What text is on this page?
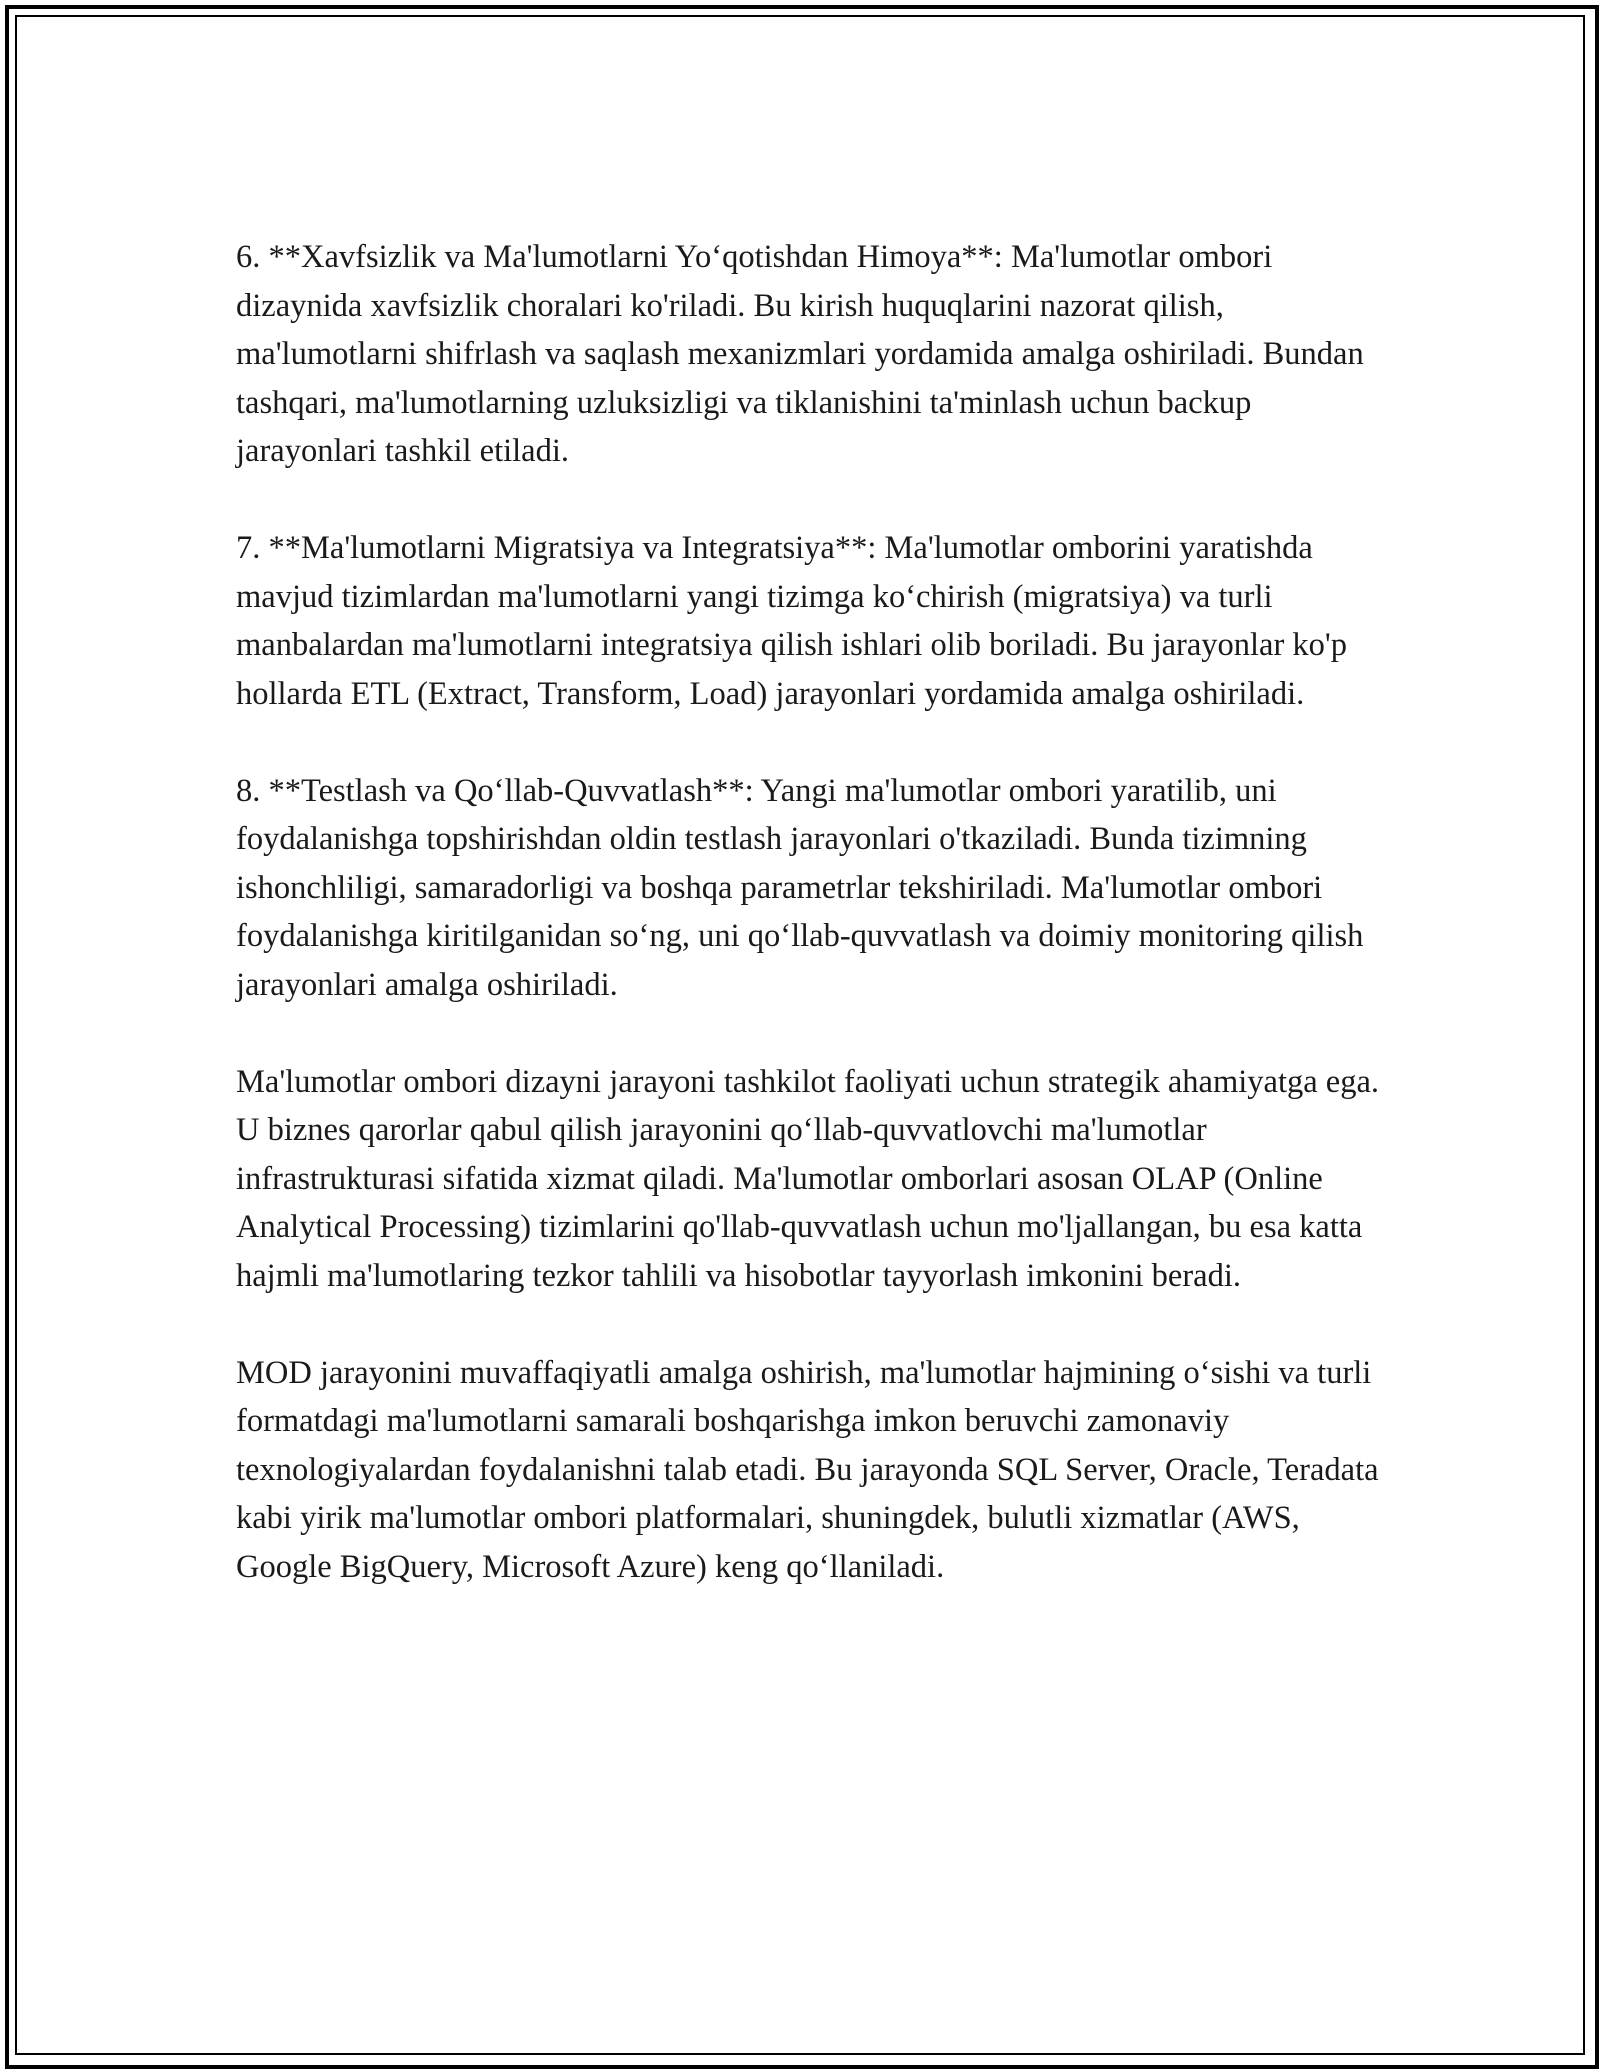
6. **Xavfsizlik va Ma'lumotlarni Yo‘qotishdan Himoya**: Ma'lumotlar ombori dizaynida xavfsizlik choralari ko'riladi. Bu kirish huquqlarini nazorat qilish, ma'lumotlarni shifrlash va saqlash mexanizmlari yordamida amalga oshiriladi. Bundan tashqari, ma'lumotlarning uzluksizligi va tiklanishini ta'minlash uchun backup jarayonlari tashkil etiladi.

7. **Ma'lumotlarni Migratsiya va Integratsiya**: Ma'lumotlar omborini yaratishda mavjud tizimlardan ma'lumotlarni yangi tizimga ko‘chirish (migratsiya) va turli manbalardan ma'lumotlarni integratsiya qilish ishlari olib boriladi. Bu jarayonlar ko'p hollarda ETL (Extract, Transform, Load) jarayonlari yordamida amalga oshiriladi.

8. **Testlash va Qo‘llab-Quvvatlash**: Yangi ma'lumotlar ombori yaratilib, uni foydalanishga topshirishdan oldin testlash jarayonlari o'tkaziladi. Bunda tizimning ishonchliligi, samaradorligi va boshqa parametrlar tekshiriladi. Ma'lumotlar ombori foydalanishga kiritilganidan so‘ng, uni qo‘llab-quvvatlash va doimiy monitoring qilish jarayonlari amalga oshiriladi.

Ma'lumotlar ombori dizayni jarayoni tashkilot faoliyati uchun strategik ahamiyatga ega. U biznes qarorlar qabul qilish jarayonini qo‘llab-quvvatlovchi ma'lumotlar infrastrukturasi sifatida xizmat qiladi. Ma'lumotlar omborlari asosan OLAP (Online Analytical Processing) tizimlarini qo'llab-quvvatlash uchun mo'ljallangan, bu esa katta hajmli ma'lumotlaring tezkor tahlili va hisobotlar tayyorlash imkonini beradi.

MOD jarayonini muvaffaqiyatli amalga oshirish, ma'lumotlar hajmining o‘sishi va turli formatdagi ma'lumotlarni samarali boshqarishga imkon beruvchi zamonaviy texnologiyalardan foydalanishni talab etadi. Bu jarayonda SQL Server, Oracle, Teradata kabi yirik ma'lumotlar ombori platformalari, shuningdek, bulutli xizmatlar (AWS, Google BigQuery, Microsoft Azure) keng qo‘llaniladi.
